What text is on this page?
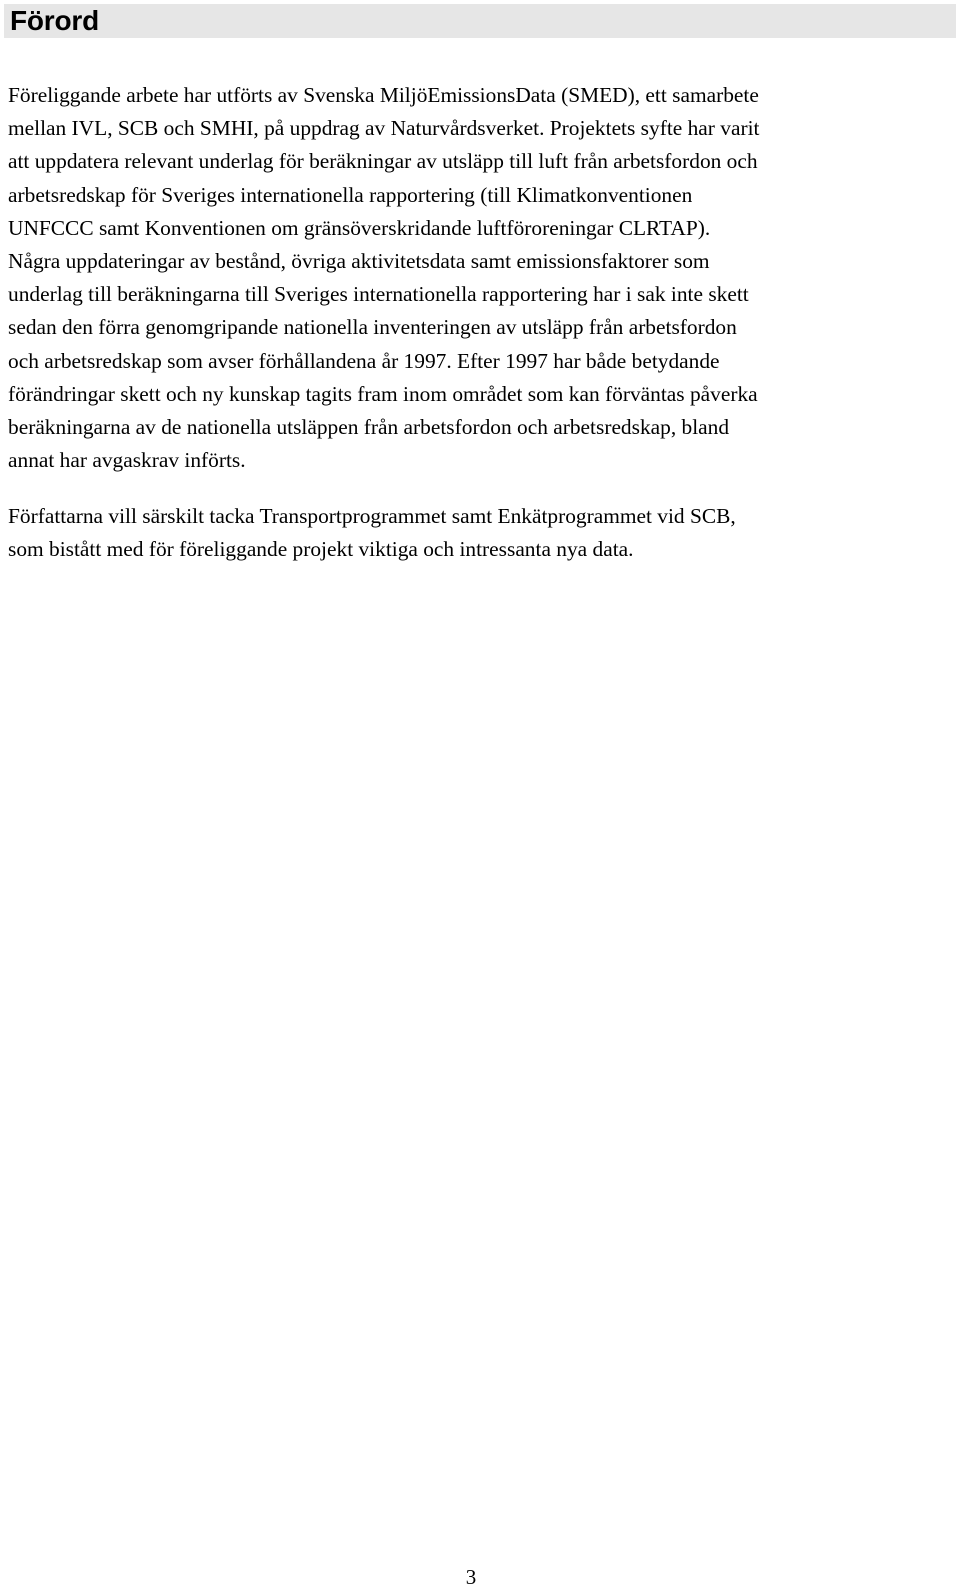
Förord

Föreliggande arbete har utförts av Svenska MiljöEmissionsData (SMED), ett samarbete
mellan IVL, SCB och SMHI, på uppdrag av Naturvårdsverket. Projektets syfte har varit
att uppdatera relevant underlag för beräkningar av utsläpp till luft från arbetsfordon och
arbetsredskap för Sveriges internationella rapportering (till Klimatkonventionen
UNFCCC samt Konventionen om gränsöverskridande luftföroreningar CLRTAP).
Några uppdateringar av bestånd, övriga aktivitetsdata samt emissionsfaktorer som
underlag till beräkningarna till Sveriges internationella rapportering har i sak inte skett
sedan den förra genomgripande nationella inventeringen av utsläpp från arbetsfordon
och arbetsredskap som avser förhållandena år 1997. Efter 1997 har både betydande
förändringar skett och ny kunskap tagits fram inom området som kan förväntas påverka
beräkningarna av de nationella utsläppen från arbetsfordon och arbetsredskap, bland
annat har avgaskrav införts.

Författarna vill särskilt tacka Transportprogrammet samt Enkätprogrammet vid SCB,
som bistått med för föreliggande projekt viktiga och intressanta nya data.

3
